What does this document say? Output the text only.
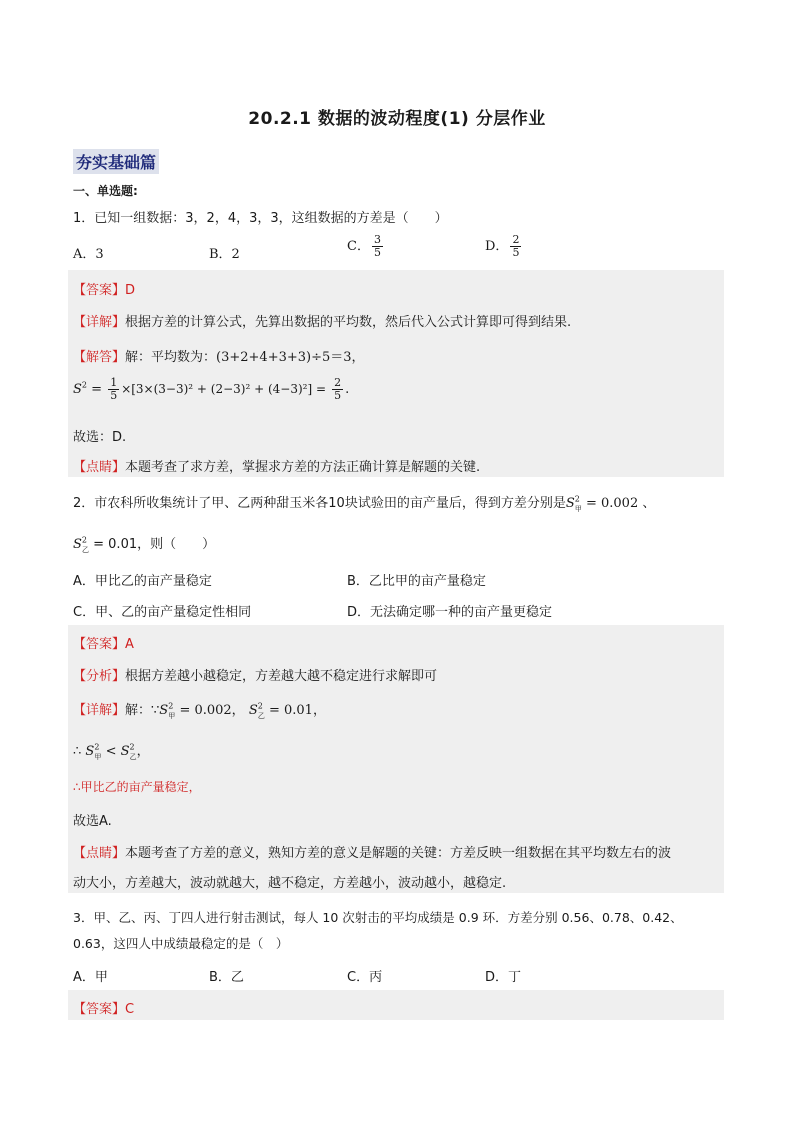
20.2.1 数据的波动程度(1) 分层作业
夯实基础篇
一、单选题:
1．已知一组数据：3，2，4，3，3，这组数据的方差是（　　）
A．3	B．2
C． $\frac{3}{5}$	D． $\frac{2}{5}$
【答案】D
【详解】根据方差的计算公式，先算出数据的平均数，然后代入公式计算即可得到结果.
【解答】解：平均数为：(3+2+4+3+3)÷5＝3，
$S^2 = \frac{1}{5} \times[3\times(3-3)^2 + (2-3)^2 + (4-3)^2] = \frac{2}{5}$ .
故选：D.
【点睛】本题考查了求方差，掌握求方差的方法正确计算是解题的关键.
2．市农科所收集统计了甲、乙两种甜玉米各10块试验田的亩产量后，得到方差分别是$S^2_甲 = 0.002$ 、
$S^2_乙 = 0.01$，则（　　）
A．甲比乙的亩产量稳定	B．乙比甲的亩产量稳定
C．甲、乙的亩产量稳定性相同	D．无法确定哪一种的亩产量更稳定
【答案】A
【分析】根据方差越小越稳定，方差越大越不稳定进行求解即可
【详解】解：$\because S^2_甲 = 0.002$， $S^2_乙 = 0.01$，
∴ $S^2_甲 < S^2_乙$，
∴甲比乙的亩产量稳定，
故选A.
【点睛】本题考查了方差的意义，熟知方差的意义是解题的关键：方差反映一组数据在其平均数左右的波
动大小，方差越大，波动就越大，越不稳定，方差越小，波动越小，越稳定.
3．甲、乙、丙、丁四人进行射击测试，每人 10 次射击的平均成绩是 0.9 环．方差分别 0.56、0.78、0.42、
0.63，这四人中成绩最稳定的是（　）
A．甲	B．乙	C．丙	D．丁
【答案】C
